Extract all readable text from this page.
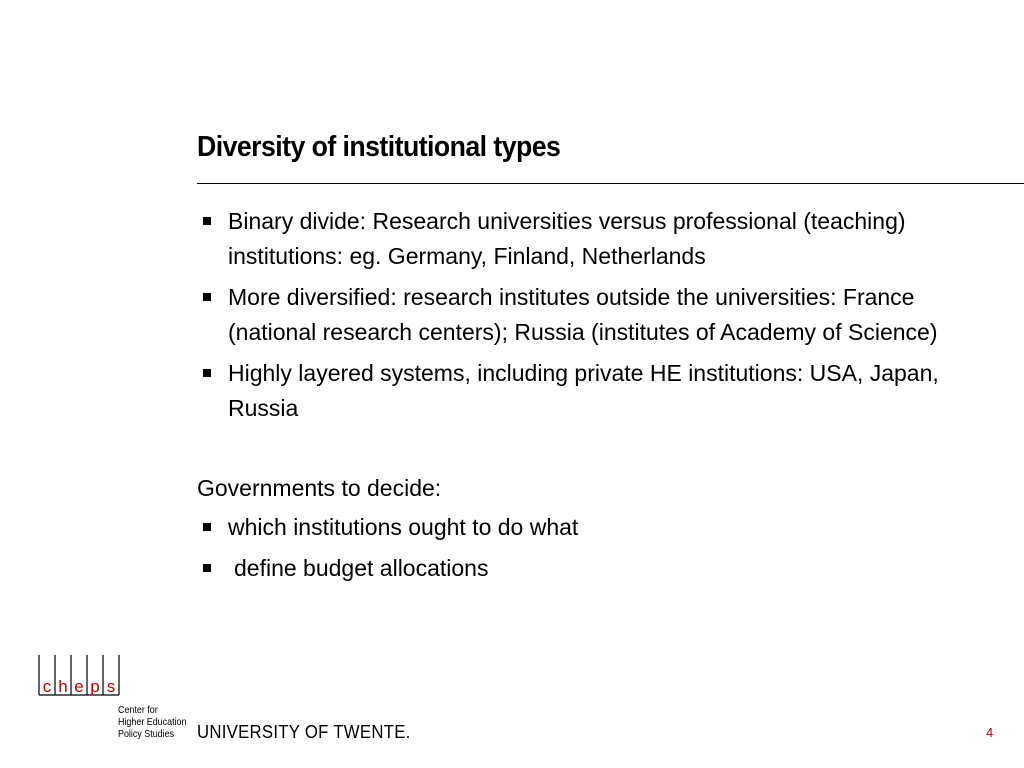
Diversity of institutional types
Binary divide: Research universities versus professional (teaching) institutions: eg. Germany, Finland, Netherlands
More diversified: research institutes outside the universities: France (national research centers); Russia (institutes of Academy of Science)
Highly layered systems, including private HE institutions: USA, Japan, Russia
Governments to decide:
which institutions ought to do what
define budget allocations
c h e p s
Center for
Higher Education
Policy Studies UNIVERSITY OF TWENTE.	4
